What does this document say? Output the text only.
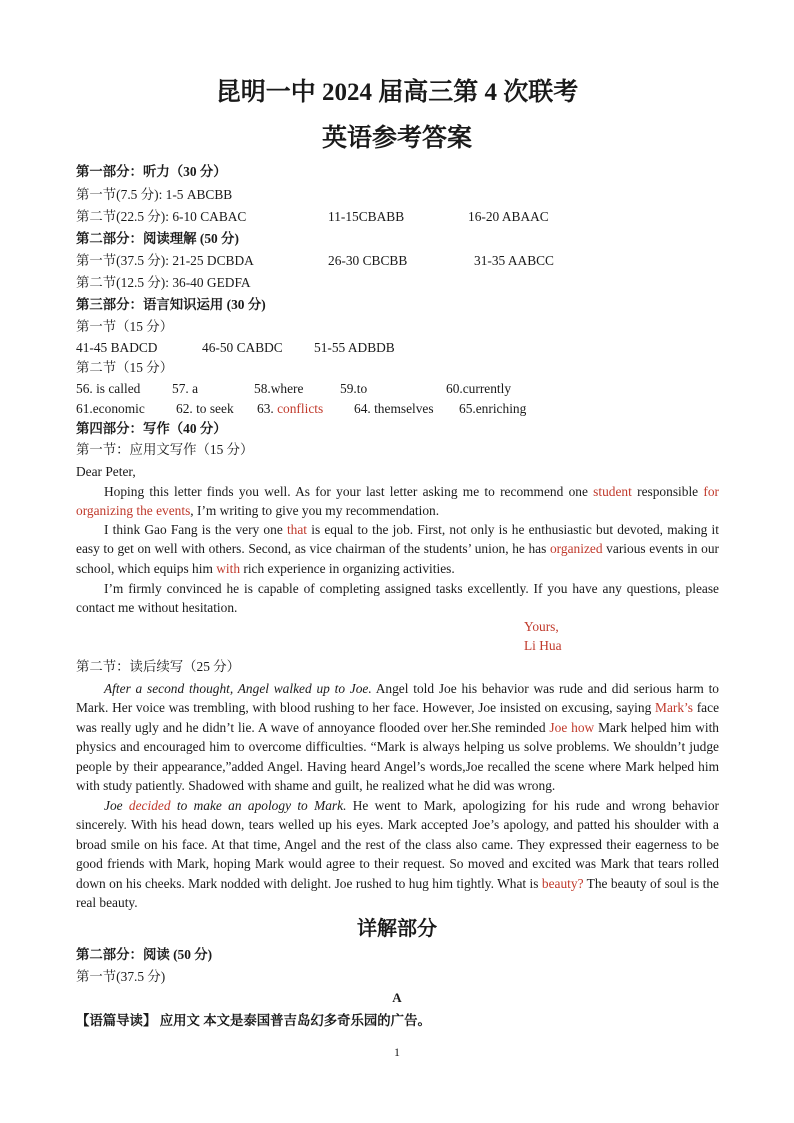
昆明一中 2024 届高三第 4 次联考
英语参考答案
第一部分：听力（30 分）
第一节(7.5 分): 1-5 ABCBB
第二节(22.5 分): 6-10 CABAC	11-15CBABB	16-20 ABAAC
第二部分：阅读理解 (50 分)
第一节(37.5 分): 21-25 DCBDA	26-30 CBCBB	31-35 AABCC
第二节(12.5 分): 36-40 GEDFA
第三部分：语言知识运用 (30 分)
第一节（15 分）
41-45 BADCD	46-50 CABDC 51-55 ADBDB
第二节（15 分）
56. is called 57. a	58.where	59.to	60.currently
61.economic 62. to seek 63. conflicts 64. themselves 65.enriching
第四部分：写作（40 分）
第一节：应用文写作（15 分）
Dear Peter,
Hoping this letter finds you well. As for your last letter asking me to recommend one student responsible for organizing the events, I’m writing to give you my recommendation.
I think Gao Fang is the very one that is equal to the job. First, not only is he enthusiastic but devoted, making it easy to get on well with others. Second, as vice chairman of the students’ union, he has organized various events in our school, which equips him with rich experience in organizing activities.
I’m firmly convinced he is capable of completing assigned tasks excellently. If you have any questions, please contact me without hesitation.
Yours,
Li Hua
第二节：读后续写（25 分）
After a second thought, Angel walked up to Joe. Angel told Joe his behavior was rude and did serious harm to Mark. Her voice was trembling, with blood rushing to her face. However, Joe insisted on excusing, saying Mark’s face was really ugly and he didn’t lie. A wave of annoyance flooded over her.She reminded Joe how Mark helped him with physics and encouraged him to overcome difficulties. “Mark is always helping us solve problems. We shouldn’t judge people by their appearance,”added Angel. Having heard Angel’s words,Joe recalled the scene where Mark helped him with study patiently. Shadowed with shame and guilt, he realized what he did was wrong.
Joe decided to make an apology to Mark. He went to Mark, apologizing for his rude and wrong behavior sincerely. With his head down, tears welled up his eyes. Mark accepted Joe’s apology, and patted his shoulder with a broad smile on his face. At that time, Angel and the rest of the class also came. They expressed their eagerness to be good friends with Mark, hoping Mark would agree to their request. So moved and excited was Mark that tears rolled down on his cheeks. Mark nodded with delight. Joe rushed to hug him tightly. What is beauty? The beauty of soul is the real beauty.
详解部分
第二部分：阅读 (50 分)
第一节(37.5 分)
A
【语篇导读】 应用文 本文是泰国普吉岛幻多奇乐园的广告。
1
